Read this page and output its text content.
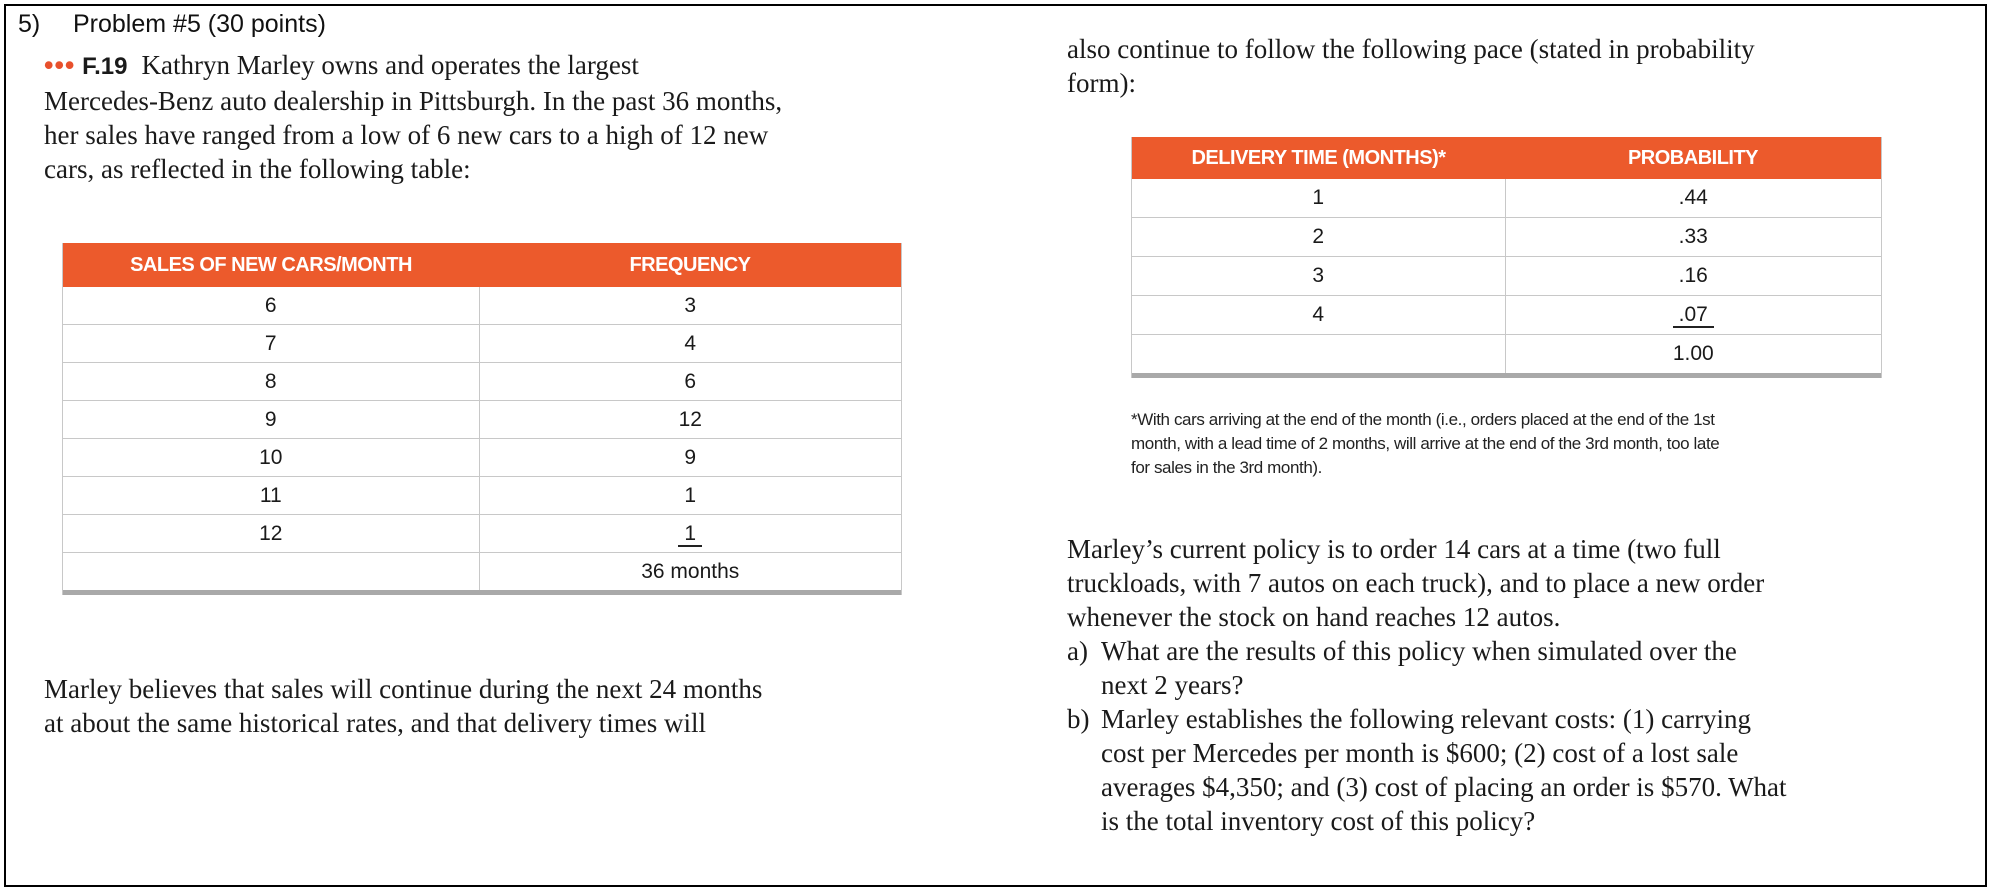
5) Problem #5 (30 points)

••• F.19 Kathryn Marley owns and operates the largest
Mercedes-Benz auto dealership in Pittsburgh. In the past 36 months,
her sales have ranged from a low of 6 new cars to a high of 12 new
cars, as reflected in the following table:

SALES OF NEW CARS/MONTH	FREQUENCY
6	3
7	4
8	6
9	12
10	9
11	1
12	1
	36 months

Marley believes that sales will continue during the next 24 months
at about the same historical rates, and that delivery times will

also continue to follow the following pace (stated in probability
form):

DELIVERY TIME (MONTHS)*	PROBABILITY
1	.44
2	.33
3	.16
4	.07
	1.00
*With cars arriving at the end of the month (i.e., orders placed at the end of the 1st
month, with a lead time of 2 months, will arrive at the end of the 3rd month, too late
for sales in the 3rd month).

Marley’s current policy is to order 14 cars at a time (two full
truckloads, with 7 autos on each truck), and to place a new order
whenever the stock on hand reaches 12 autos.

a) What are the results of this policy when simulated over the
next 2 years?
b) Marley establishes the following relevant costs: (1) carrying
cost per Mercedes per month is $600; (2) cost of a lost sale
averages $4,350; and (3) cost of placing an order is $570. What
is the total inventory cost of this policy?
